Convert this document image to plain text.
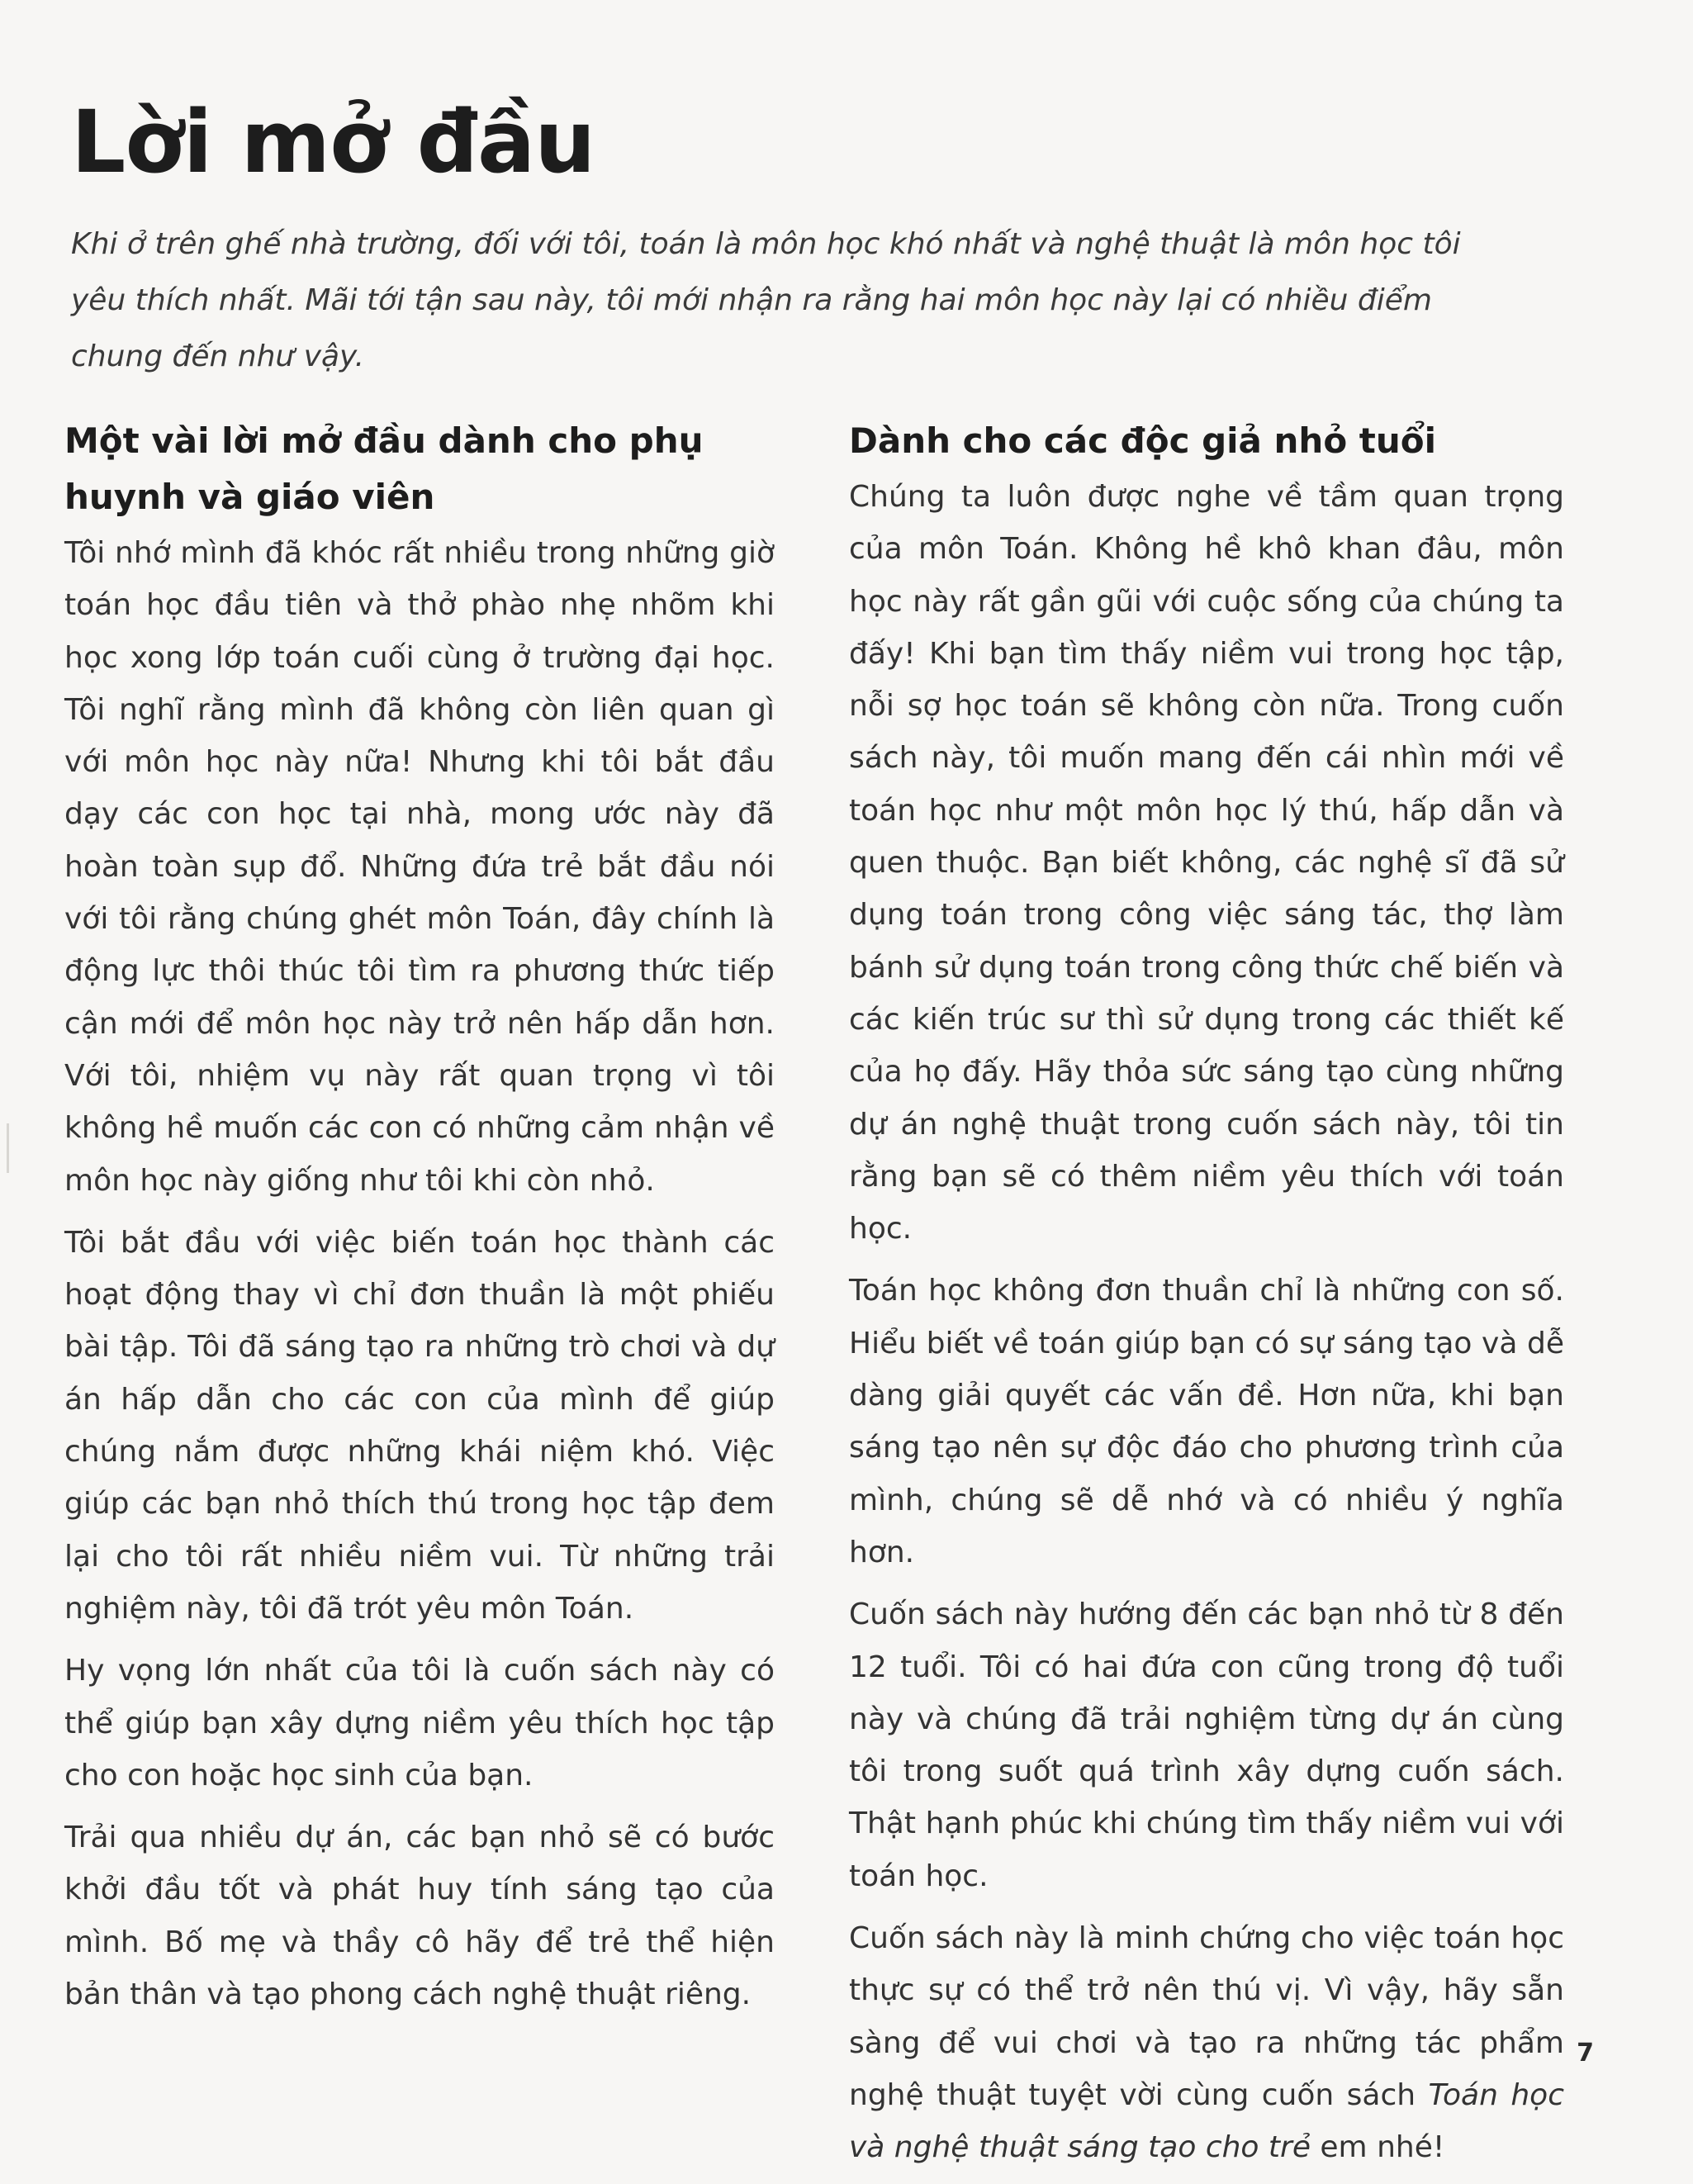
Lời mở đầu

Khi ở trên ghế nhà trường, đối với tôi, toán là môn học khó nhất và nghệ thuật là môn học tôi yêu thích nhất. Mãi tới tận sau này, tôi mới nhận ra rằng hai môn học này lại có nhiều điểm chung đến như vậy.

Một vài lời mở đầu dành cho phụ huynh và giáo viên

Tôi nhớ mình đã khóc rất nhiều trong những giờ toán học đầu tiên và thở phào nhẹ nhõm khi học xong lớp toán cuối cùng ở trường đại học. Tôi nghĩ rằng mình đã không còn liên quan gì với môn học này nữa! Nhưng khi tôi bắt đầu dạy các con học tại nhà, mong ước này đã hoàn toàn sụp đổ. Những đứa trẻ bắt đầu nói với tôi rằng chúng ghét môn Toán, đây chính là động lực thôi thúc tôi tìm ra phương thức tiếp cận mới để môn học này trở nên hấp dẫn hơn. Với tôi, nhiệm vụ này rất quan trọng vì tôi không hề muốn các con có những cảm nhận về môn học này giống như tôi khi còn nhỏ.

Tôi bắt đầu với việc biến toán học thành các hoạt động thay vì chỉ đơn thuần là một phiếu bài tập. Tôi đã sáng tạo ra những trò chơi và dự án hấp dẫn cho các con của mình để giúp chúng nắm được những khái niệm khó. Việc giúp các bạn nhỏ thích thú trong học tập đem lại cho tôi rất nhiều niềm vui. Từ những trải nghiệm này, tôi đã trót yêu môn Toán.

Hy vọng lớn nhất của tôi là cuốn sách này có thể giúp bạn xây dựng niềm yêu thích học tập cho con hoặc học sinh của bạn.

Trải qua nhiều dự án, các bạn nhỏ sẽ có bước khởi đầu tốt và phát huy tính sáng tạo của mình. Bố mẹ và thầy cô hãy để trẻ thể hiện bản thân và tạo phong cách nghệ thuật riêng.

Dành cho các độc giả nhỏ tuổi

Chúng ta luôn được nghe về tầm quan trọng của môn Toán. Không hề khô khan đâu, môn học này rất gần gũi với cuộc sống của chúng ta đấy! Khi bạn tìm thấy niềm vui trong học tập, nỗi sợ học toán sẽ không còn nữa. Trong cuốn sách này, tôi muốn mang đến cái nhìn mới về toán học như một môn học lý thú, hấp dẫn và quen thuộc. Bạn biết không, các nghệ sĩ đã sử dụng toán trong công việc sáng tác, thợ làm bánh sử dụng toán trong công thức chế biến và các kiến trúc sư thì sử dụng trong các thiết kế của họ đấy. Hãy thỏa sức sáng tạo cùng những dự án nghệ thuật trong cuốn sách này, tôi tin rằng bạn sẽ có thêm niềm yêu thích với toán học.

Toán học không đơn thuần chỉ là những con số. Hiểu biết về toán giúp bạn có sự sáng tạo và dễ dàng giải quyết các vấn đề. Hơn nữa, khi bạn sáng tạo nên sự độc đáo cho phương trình của mình, chúng sẽ dễ nhớ và có nhiều ý nghĩa hơn.

Cuốn sách này hướng đến các bạn nhỏ từ 8 đến 12 tuổi. Tôi có hai đứa con cũng trong độ tuổi này và chúng đã trải nghiệm từng dự án cùng tôi trong suốt quá trình xây dựng cuốn sách. Thật hạnh phúc khi chúng tìm thấy niềm vui với toán học.

Cuốn sách này là minh chứng cho việc toán học thực sự có thể trở nên thú vị. Vì vậy, hãy sẵn sàng để vui chơi và tạo ra những tác phẩm nghệ thuật tuyệt vời cùng cuốn sách Toán học và nghệ thuật sáng tạo cho trẻ em nhé!

7
